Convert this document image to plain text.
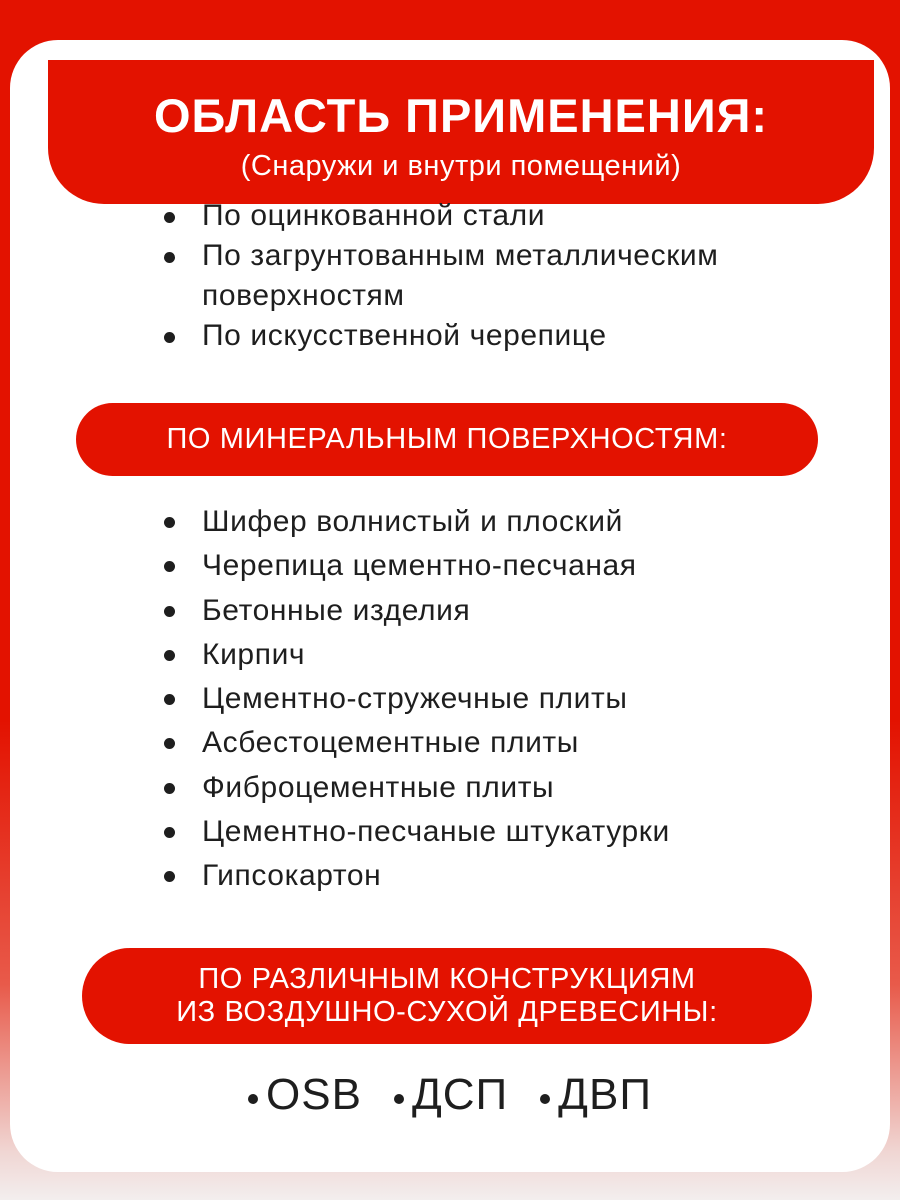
ОБЛАСТЬ ПРИМЕНЕНИЯ:
(Снаружи и внутри помещений)
По оцинкованной стали
По загрунтованным металлическим поверхностям
По искусственной черепице
ПО МИНЕРАЛЬНЫМ ПОВЕРХНОСТЯМ:
Шифер волнистый и плоский
Черепица цементно-песчаная
Бетонные изделия
Кирпич
Цементно-стружечные плиты
Асбестоцементные плиты
Фиброцементные плиты
Цементно-песчаные штукатурки
Гипсокартон
ПО РАЗЛИЧНЫМ КОНСТРУКЦИЯМ
ИЗ ВОЗДУШНО-СУХОЙ ДРЕВЕСИНЫ:
OSB ДСП ДВП
